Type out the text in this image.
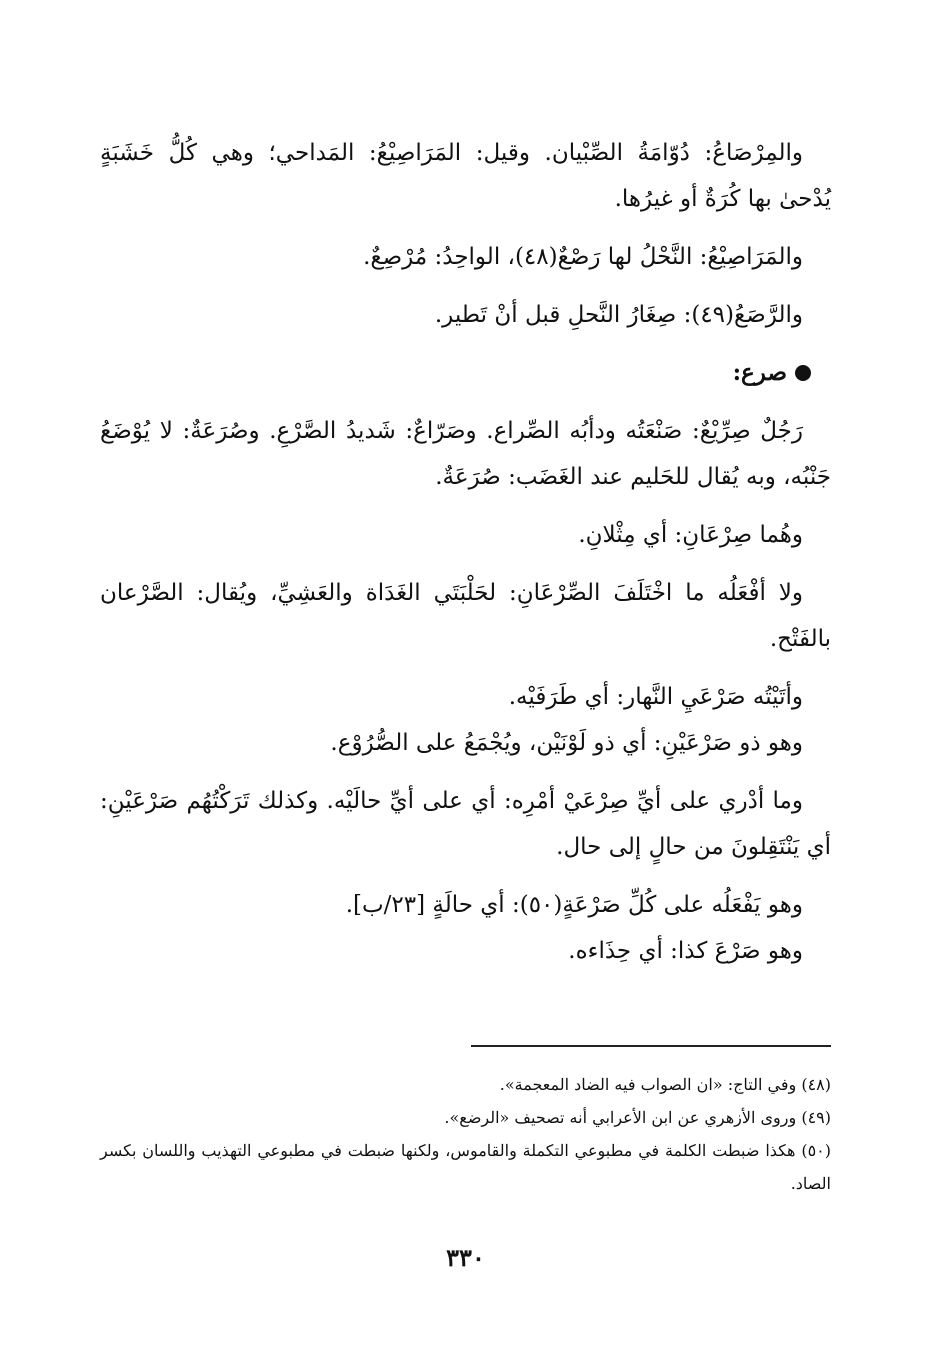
والمِرْصَاعُ: دُوّامَةُ الصِّبْيان. وقيل: المَرَاصِيْعُ: المَداحي؛ وهي كُلُّ خَشَبَةٍ يُدْحىٰ بها كُرَةٌ أو غيرُها.

والمَرَاصِيْعُ: النَّحْلُ لها رَصْعٌ(٤٨)، الواحِدُ: مُرْصِعٌ.

والرَّصَعُ(٤٩): صِغَارُ النَّحلِ قبل أنْ تَطير.

صرع:

رَجُلٌ صِرِّيْعٌ: صَنْعَتُه ودأبُه الصِّراع. وصَرّاعٌ: شَديدُ الصَّرْعِ. وصُرَعَةٌ: لا يُوْضَعُ جَنْبُه، وبه يُقال للحَليم عند الغَضَب: صُرَعَةٌ.

وهُما صِرْعَانِ: أي مِثْلانِ.

ولا أفْعَلُه ما اخْتَلَفَ الصِّرْعَانِ: لحَلْبَتَي الغَدَاة والعَشِيِّ، ويُقال: الصَّرْعان بالفَتْح.

وأتَيْتُه صَرْعَيِ النَّهار: أي طَرَفَيْه.

وهو ذو صَرْعَيْنِ: أي ذو لَوْنَيْن، ويُجْمَعُ على الصُّرُوْع.

وما أدْري على أيِّ صِرْعَيْ أمْرِه: أي على أيِّ حالَيْه. وكذلك تَرَكْتُهُم صَرْعَيْنِ: أي يَنْتَقِلونَ من حالٍ إلى حال.

وهو يَفْعَلُه على كُلِّ صَرْعَةٍ(٥٠): أي حالَةٍ [٢٣/ب].

وهو صَرْعَ كذا: أي حِذَاءه.

(٤٨) وفي التاج: «ان الصواب فيه الضاد المعجمة».

(٤٩) وروى الأزهري عن ابن الأعرابي أنه تصحيف «الرضع».

(٥٠) هكذا ضبطت الكلمة في مطبوعي التكملة والقاموس، ولكنها ضبطت في مطبوعي التهذيب واللسان بكسر الصاد.

٣٣٠
